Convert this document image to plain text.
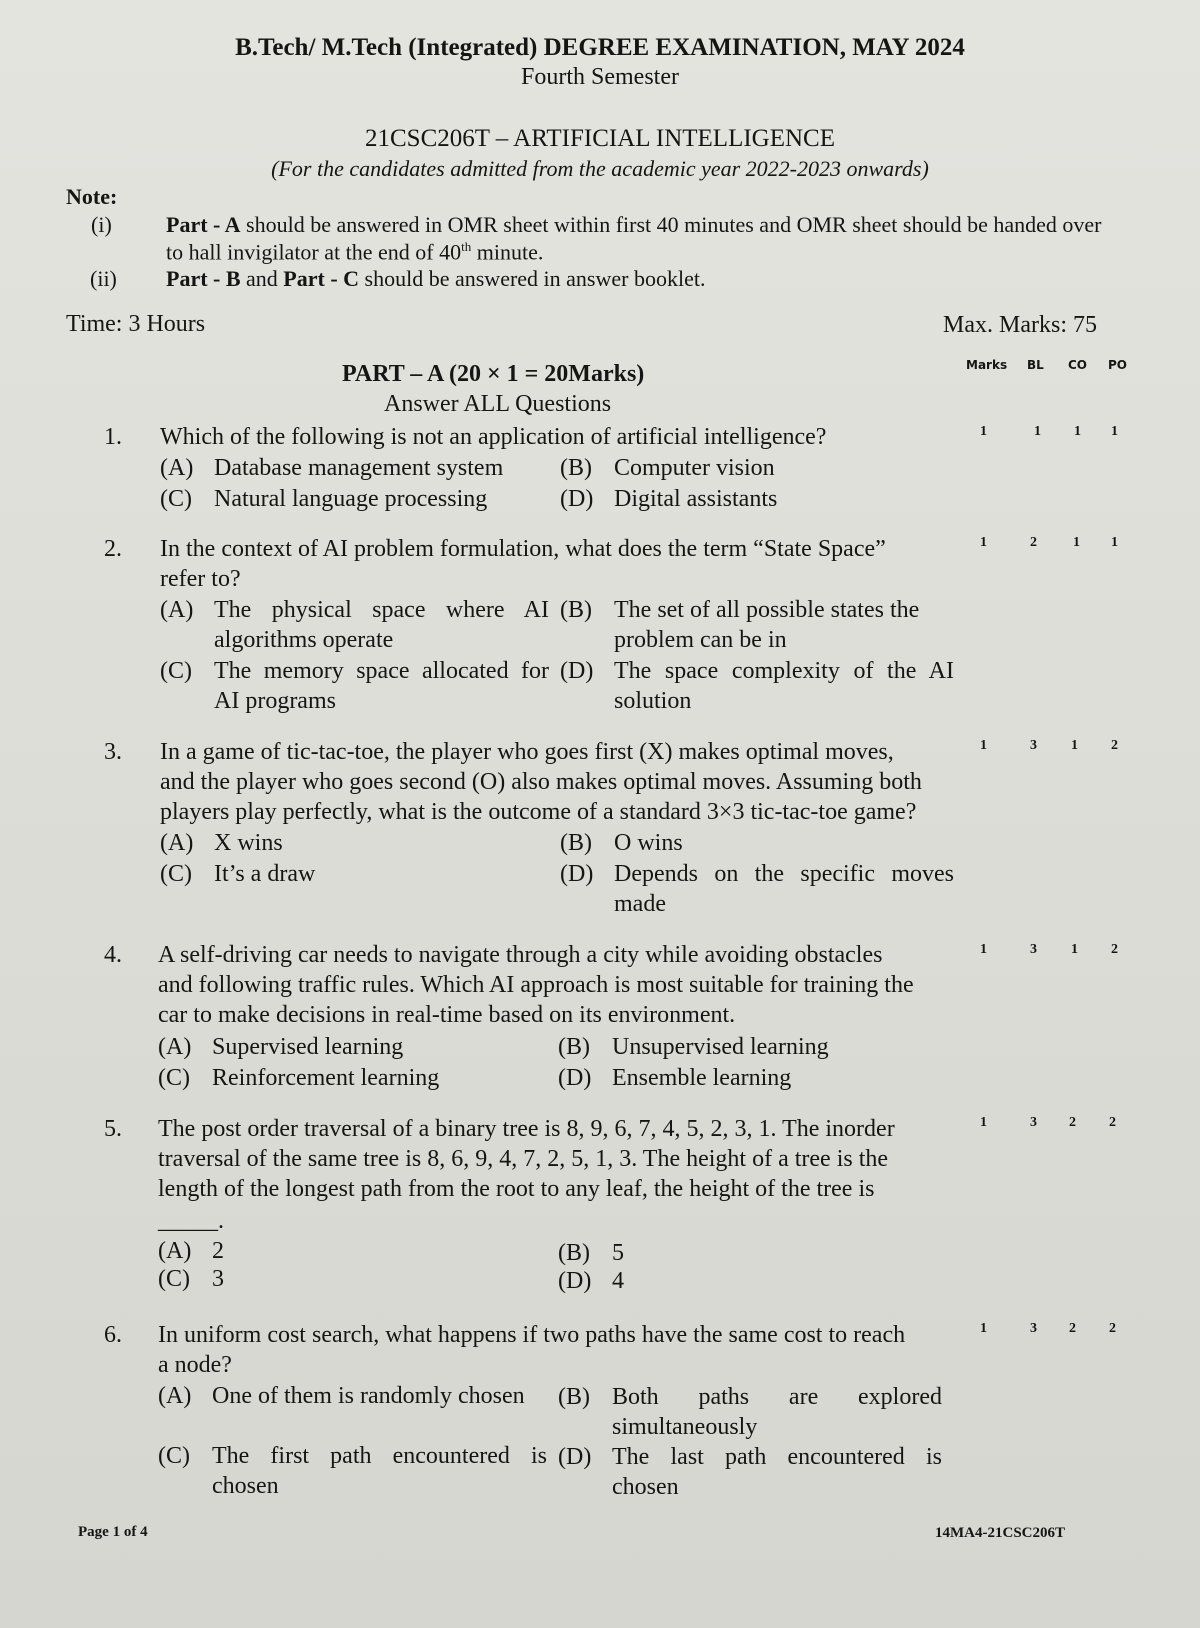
B.Tech/ M.Tech (Integrated) DEGREE EXAMINATION, MAY 2024
Fourth Semester
21CSC206T – ARTIFICIAL INTELLIGENCE
(For the candidates admitted from the academic year 2022-2023 onwards)
Note:
(i) Part - A should be answered in OMR sheet within first 40 minutes and OMR sheet should be handed over
to hall invigilator at the end of 40th minute.
(ii) Part - B and Part - C should be answered in answer booklet.
Time: 3 Hours	Max. Marks: 75
PART – A (20 × 1 = 20Marks)
Answer ALL Questions
Marks BL CO PO
1. Which of the following is not an application of artificial intelligence?	1	1 1 1
(A) Database management system (B) Computer vision
(C) Natural language processing	(D) Digital assistants
2. In the context of AI problem formulation, what does the term “State Space”
refer to?
1	2	1 1
(A) The physical space where AI algorithms operate
(B) The set of all possible states the problem can be in
(C) The memory space allocated for AI programs
(D) The space complexity of the AI solution
3. In a game of tic-tac-toe, the player who goes first (X) makes optimal moves,
and the player who goes second (O) also makes optimal moves. Assuming both
players play perfectly, what is the outcome of a standard 3×3 tic-tac-toe game?
1	3 1 2
(A) X wins	(B) O wins
(C) It’s a draw	(D) Depends on the specific moves made
4. A self-driving car needs to navigate through a city while avoiding obstacles
and following traffic rules. Which AI approach is most suitable for training the
car to make decisions in real-time based on its environment.
1	3 1 2
(A) Supervised learning	(B) Unsupervised learning
(C) Reinforcement learning	(D) Ensemble learning
5. The post order traversal of a binary tree is 8, 9, 6, 7, 4, 5, 2, 3, 1. The inorder
traversal of the same tree is 8, 6, 9, 4, 7, 2, 5, 1, 3. The height of a tree is the
length of the longest path from the root to any leaf, the height of the tree is
_____.
1	3 2 2
(A) 2	(B) 5
(C) 3	(D) 4
6. In uniform cost search, what happens if two paths have the same cost to reach
a node?
1	3 2 2
(A) One of them is randomly chosen (B) Both paths are explored simultaneously
(C) The first path encountered is chosen
(D) The last path encountered is chosen
Page 1 of 4	14MA4-21CSC206T
